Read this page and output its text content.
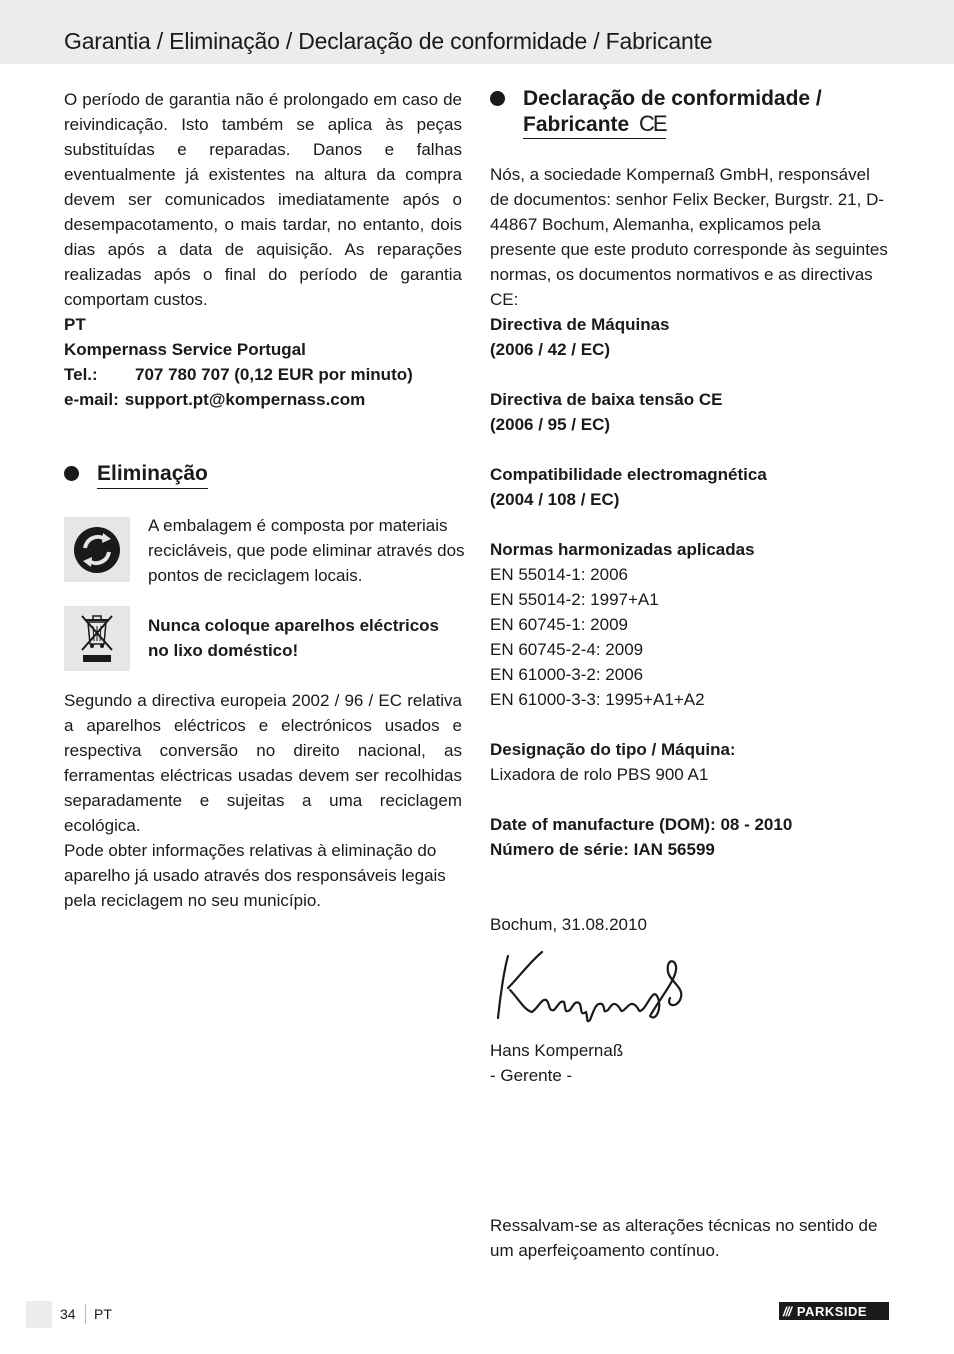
Garantia / Eliminação / Declaração de conformidade / Fabricante

O período de garantia não é prolongado em caso de reivindicação. Isto também se aplica às peças substituídas e reparadas. Danos e falhas eventualmente já existentes na altura da compra devem ser comunicados imediatamente após o desempacotamento, o mais tardar, no entanto, dois dias após a data de aquisição. As reparações realizadas após o final do período de garantia comportam custos.

PT
Kompernass Service Portugal
Tel.:	707 780 707 (0,12 EUR por minuto)
e-mail: support.pt@kompernass.com
Eliminação

A embalagem é composta por materiais recicláveis, que pode eliminar através dos pontos de reciclagem locais.

Nunca coloque aparelhos eléctricos no lixo doméstico!

Segundo a directiva europeia 2002 / 96 / EC relativa a aparelhos eléctricos e electrónicos usados e respectiva conversão no direito nacional, as ferramentas eléctricas usadas devem ser recolhidas separadamente e sujeitas a uma reciclagem ecológica.

Pode obter informações relativas à eliminação do aparelho já usado através dos responsáveis legais pela reciclagem no seu município.

Declaração de conformidade /
Fabricante CE

Nós, a sociedade Kompernaß GmbH, responsável de documentos: senhor Felix Becker, Burgstr. 21, D-44867 Bochum, Alemanha, explicamos pela presente que este produto corresponde às seguintes normas, os documentos normativos e as directivas CE:

Directiva de Máquinas
(2006 / 42 / EC)
Directiva de baixa tensão CE
(2006 / 95 / EC)
Compatibilidade electromagnética
(2004 / 108 / EC)
Normas harmonizadas aplicadas
EN 55014-1: 2006
EN 55014-2: 1997+A1
EN 60745-1: 2009
EN 60745-2-4: 2009
EN 61000-3-2: 2006
EN 61000-3-3: 1995+A1+A2
Designação do tipo / Máquina:
Lixadora de rolo PBS 900 A1
Date of manufacture (DOM): 08 - 2010
Número de série: IAN 56599
Bochum, 31.08.2010
Hans Kompernaß
- Gerente -

Ressalvam-se as alterações técnicas no sentido de um aperfeiçoamento contínuo.

34 PT	/// PARKSIDE
